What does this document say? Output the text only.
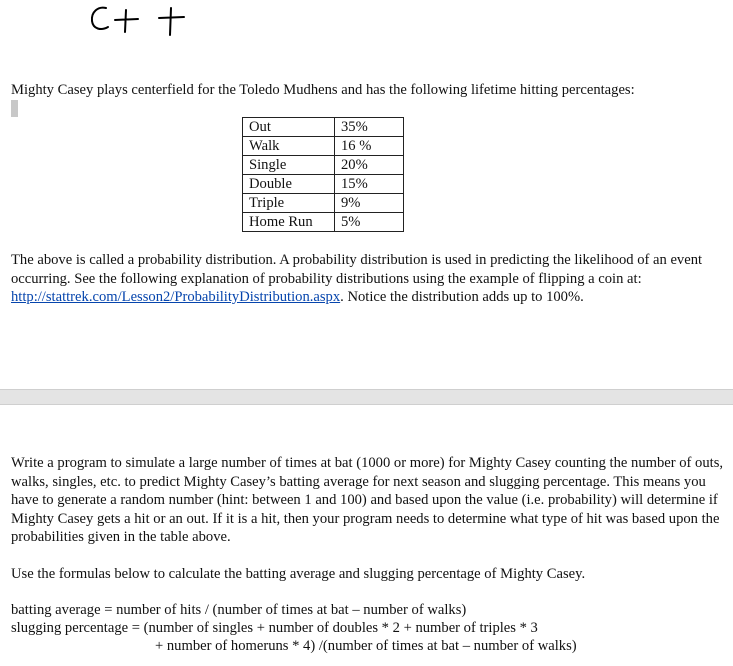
Mighty Casey plays centerfield for the Toledo Mudhens and has the following lifetime hitting percentages:

Out	35%
Walk	16 %
Single	20%
Double	15%
Triple	9%
Home Run	5%

The above is called a probability distribution. A probability distribution is used in predicting the likelihood of an event occurring. See the following explanation of probability distributions using the example of flipping a coin at: http://stattrek.com/Lesson2/ProbabilityDistribution.aspx. Notice the distribution adds up to 100%.

Write a program to simulate a large number of times at bat (1000 or more) for Mighty Casey counting the number of outs, walks, singles, etc. to predict Mighty Casey’s batting average for next season and slugging percentage. This means you have to generate a random number (hint: between 1 and 100) and based upon the value (i.e. probability) will determine if Mighty Casey gets a hit or an out. If it is a hit, then your program needs to determine what type of hit was based upon the probabilities given in the table above.

Use the formulas below to calculate the batting average and slugging percentage of Mighty Casey.

batting average = number of hits / (number of times at bat – number of walks)

slugging percentage = (number of singles + number of doubles * 2 + number of triples * 3

+ number of homeruns * 4) /(number of times at bat – number of walks)
